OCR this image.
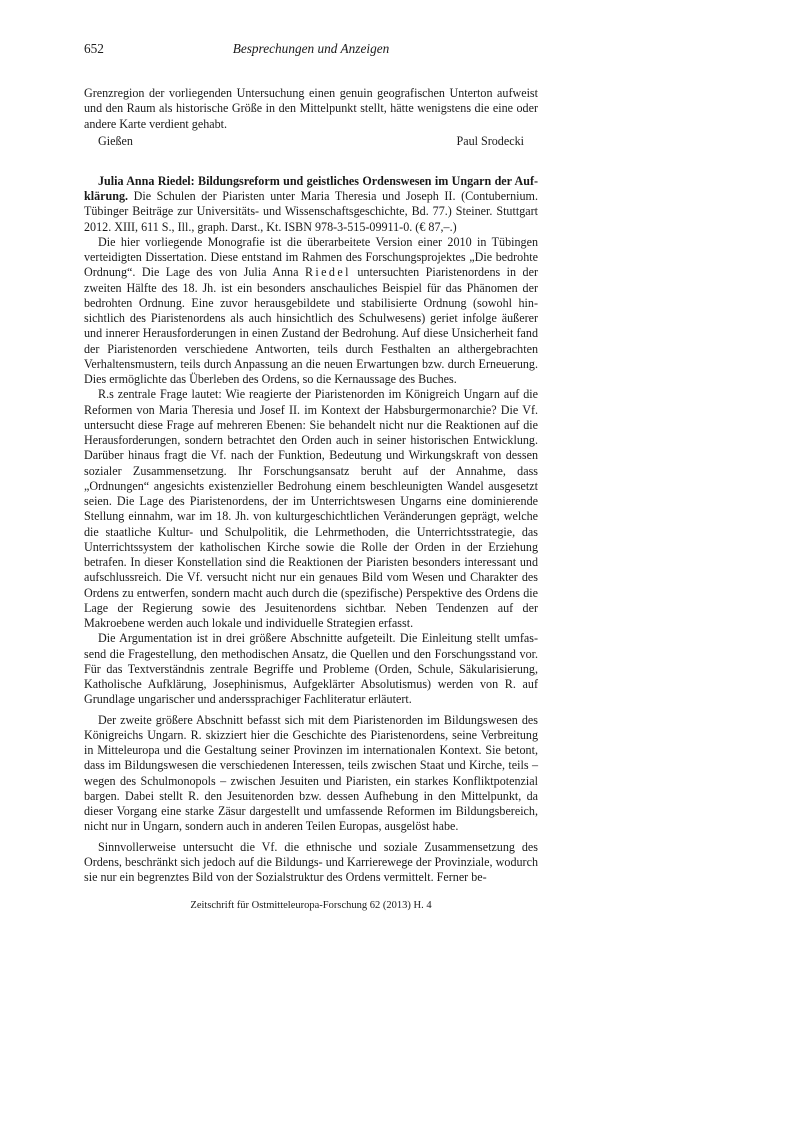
652	Besprechungen und Anzeigen

Grenzregion der vorliegenden Untersuchung einen genuin geografischen Unterton aufweist und den Raum als historische Größe in den Mittelpunkt stellt, hätte wenigstens die eine oder andere Karte verdient gehabt.

Gießen	Paul Srodecki

Julia Anna Riedel: Bildungsreform und geistliches Ordenswesen im Ungarn der Aufklärung. Die Schulen der Piaristen unter Maria Theresia und Joseph II. (Contubernium. Tübinger Beiträge zur Universitäts- und Wissenschaftsgeschichte, Bd. 77.) Steiner. Stuttgart 2012. XIII, 611 S., Ill., graph. Darst., Kt. ISBN 978-3-515-09911-0. (€ 87,–.)

Die hier vorliegende Monografie ist die überarbeitete Version einer 2010 in Tübingen verteidigten Dissertation. Diese entstand im Rahmen des Forschungsprojektes „Die bedrohte Ordnung“. Die Lage des von Julia Anna Riedel untersuchten Piaristenordens in der zweiten Hälfte des 18. Jh. ist ein besonders anschauliches Beispiel für das Phänomen der bedrohten Ordnung. Eine zuvor herausgebildete und stabilisierte Ordnung (sowohl hinsichtlich des Piaristenordens als auch hinsichtlich des Schulwesens) geriet infolge äußerer und innerer Herausforderungen in einen Zustand der Bedrohung. Auf diese Unsicherheit fand der Piaristenorden verschiedene Antworten, teils durch Festhalten an althergebrachten Verhaltensmustern, teils durch Anpassung an die neuen Erwartungen bzw. durch Erneuerung. Dies ermöglichte das Überleben des Ordens, so die Kernaussage des Buches.

R.s zentrale Frage lautet: Wie reagierte der Piaristenorden im Königreich Ungarn auf die Reformen von Maria Theresia und Josef II. im Kontext der Habsburgermonarchie? Die Vf. untersucht diese Frage auf mehreren Ebenen: Sie behandelt nicht nur die Reaktionen auf die Herausforderungen, sondern betrachtet den Orden auch in seiner historischen Entwicklung. Darüber hinaus fragt die Vf. nach der Funktion, Bedeutung und Wirkungskraft von dessen sozialer Zusammensetzung. Ihr Forschungsansatz beruht auf der Annahme, dass „Ordnungen“ angesichts existenzieller Bedrohung einem beschleunigten Wandel ausgesetzt seien. Die Lage des Piaristenordens, der im Unterrichtswesen Ungarns eine dominierende Stellung einnahm, war im 18. Jh. von kulturgeschichtlichen Veränderungen geprägt, welche die staatliche Kultur- und Schulpolitik, die Lehrmethoden, die Unterrichtsstrategie, das Unterrichtssystem der katholischen Kirche sowie die Rolle der Orden in der Erziehung betrafen. In dieser Konstellation sind die Reaktionen der Piaristen besonders interessant und aufschlussreich. Die Vf. versucht nicht nur ein genaues Bild vom Wesen und Charakter des Ordens zu entwerfen, sondern macht auch durch die (spezifische) Perspektive des Ordens die Lage der Regierung sowie des Jesuitenordens sichtbar. Neben Tendenzen auf der Makroebene werden auch lokale und individuelle Strategien erfasst.

Die Argumentation ist in drei größere Abschnitte aufgeteilt. Die Einleitung stellt umfassend die Fragestellung, den methodischen Ansatz, die Quellen und den Forschungsstand vor. Für das Textverständnis zentrale Begriffe und Probleme (Orden, Schule, Säkularisierung, Katholische Aufklärung, Josephinismus, Aufgeklärter Absolutismus) werden von R. auf Grundlage ungarischer und anderssprachiger Fachliteratur erläutert.

Der zweite größere Abschnitt befasst sich mit dem Piaristenorden im Bildungswesen des Königreichs Ungarn. R. skizziert hier die Geschichte des Piaristenordens, seine Verbreitung in Mitteleuropa und die Gestaltung seiner Provinzen im internationalen Kontext. Sie betont, dass im Bildungswesen die verschiedenen Interessen, teils zwischen Staat und Kirche, teils – wegen des Schulmonopols – zwischen Jesuiten und Piaristen, ein starkes Konfliktpotenzial bargen. Dabei stellt R. den Jesuitenorden bzw. dessen Aufhebung in den Mittelpunkt, da dieser Vorgang eine starke Zäsur dargestellt und umfassende Reformen im Bildungsbereich, nicht nur in Ungarn, sondern auch in anderen Teilen Europas, ausgelöst habe.

Sinnvollerweise untersucht die Vf. die ethnische und soziale Zusammensetzung des Ordens, beschränkt sich jedoch auf die Bildungs- und Karrierewege der Provinziale, wodurch sie nur ein begrenztes Bild von der Sozialstruktur des Ordens vermittelt. Ferner be-

Zeitschrift für Ostmitteleuropa-Forschung 62 (2013) H. 4
